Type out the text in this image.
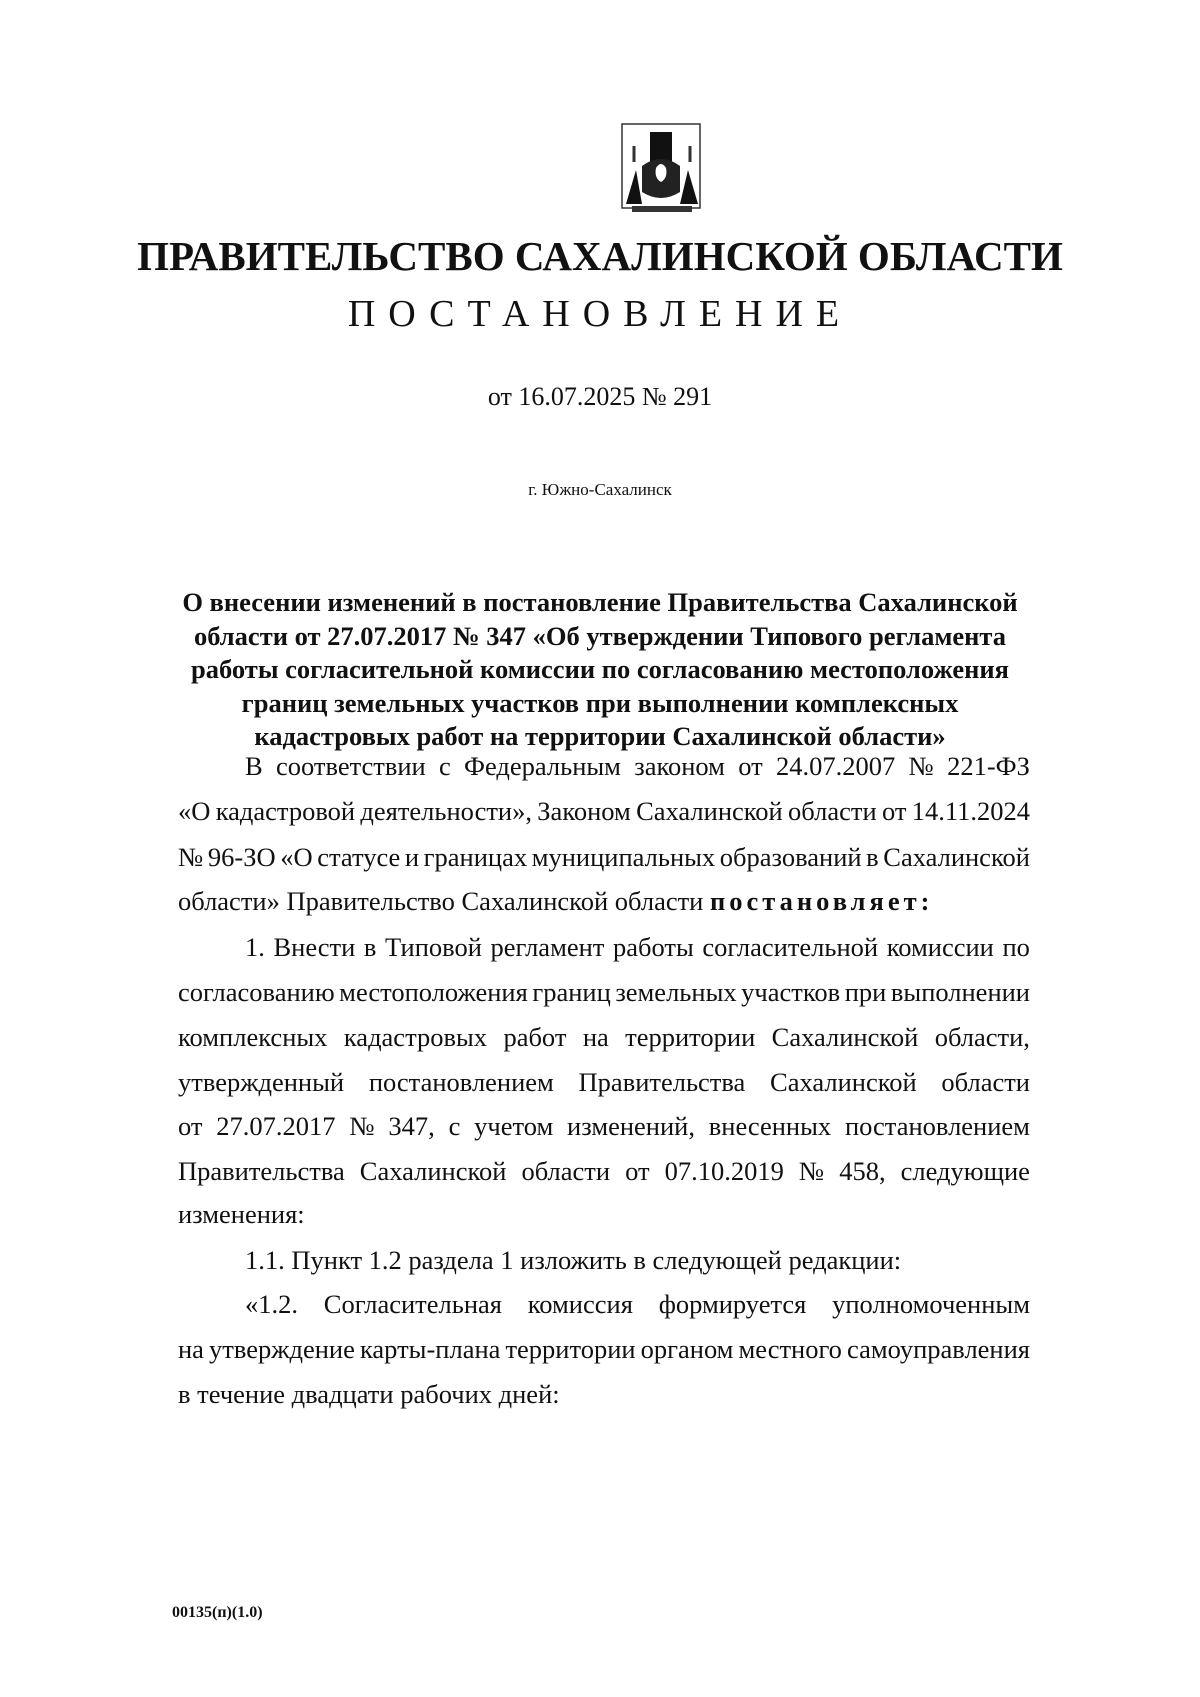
ПРАВИТЕЛЬСТВО САХАЛИНСКОЙ ОБЛАСТИ
ПОСТАНОВЛЕНИЕ
от 16.07.2025 № 291
г. Южно-Сахалинск
О внесении изменений в постановление Правительства Сахалинской
области от 27.07.2017 № 347 «Об утверждении Типового регламента
работы согласительной комиссии по согласованию местоположения
границ земельных участков при выполнении комплексных
кадастровых работ на территории Сахалинской области»
В соответствии с Федеральным законом от 24.07.2007 № 221-ФЗ
«О кадастровой деятельности», Законом Сахалинской области от 14.11.2024
№ 96-ЗО «О статусе и границах муниципальных образований в Сахалинской
области» Правительство Сахалинской области постановляет:
1. Внести в Типовой регламент работы согласительной комиссии по
согласованию местоположения границ земельных участков при выполнении
комплексных кадастровых работ на территории Сахалинской области,
утвержденный постановлением Правительства Сахалинской области
от 27.07.2017 № 347, с учетом изменений, внесенных постановлением
Правительства Сахалинской области от 07.10.2019 № 458, следующие
изменения:
1.1. Пункт 1.2 раздела 1 изложить в следующей редакции:
«1.2. Согласительная комиссия формируется уполномоченным
на утверждение карты-плана территории органом местного самоуправления
в течение двадцати рабочих дней:
00135(п)(1.0)
